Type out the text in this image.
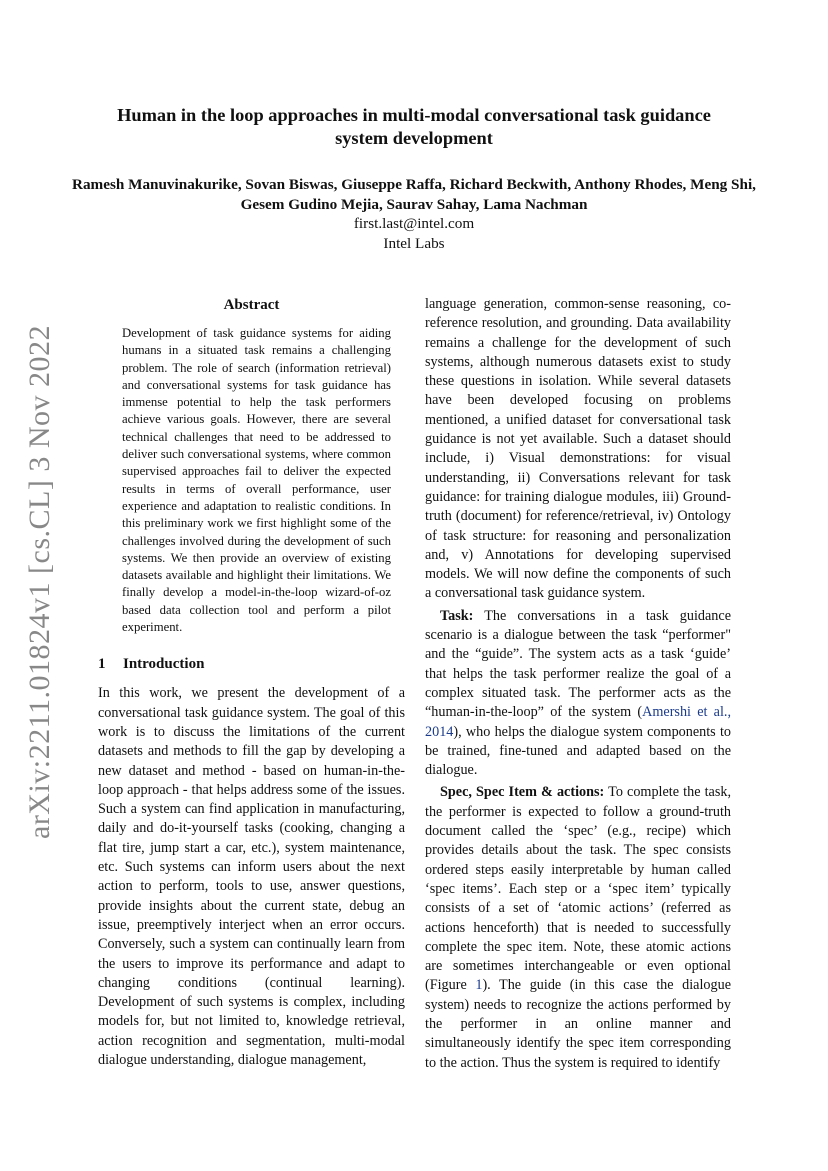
Human in the loop approaches in multi-modal conversational task guidance system development
Ramesh Manuvinakurike, Sovan Biswas, Giuseppe Raffa, Richard Beckwith, Anthony Rhodes, Meng Shi, Gesem Gudino Mejia, Saurav Sahay, Lama Nachman
first.last@intel.com
Intel Labs
arXiv:2211.01824v1 [cs.CL] 3 Nov 2022
Abstract

Development of task guidance systems for aiding humans in a situated task remains a challenging problem. The role of search (information retrieval) and conversational systems for task guidance has immense potential to help the task performers achieve various goals. However, there are several technical challenges that need to be addressed to deliver such conversational systems, where common supervised approaches fail to deliver the expected results in terms of overall performance, user experience and adaptation to realistic conditions. In this preliminary work we first highlight some of the challenges involved during the development of such systems. We then provide an overview of existing datasets available and highlight their limitations. We finally develop a model-in-the-loop wizard-of-oz based data collection tool and perform a pilot experiment.

1 Introduction

In this work, we present the development of a conversational task guidance system. The goal of this work is to discuss the limitations of the current datasets and methods to fill the gap by developing a new dataset and method - based on human-in-the-loop approach - that helps address some of the issues. Such a system can find application in manufacturing, daily and do-it-yourself tasks (cooking, changing a flat tire, jump start a car, etc.), system maintenance, etc. Such systems can inform users about the next action to perform, tools to use, answer questions, provide insights about the current state, debug an issue, preemptively interject when an error occurs. Conversely, such a system can continually learn from the users to improve its performance and adapt to changing conditions (continual learning). Development of such systems is complex, including models for, but not limited to, knowledge retrieval, action recognition and segmentation, multi-modal dialogue understanding, dialogue management,

language generation, common-sense reasoning, co-reference resolution, and grounding. Data availability remains a challenge for the development of such systems, although numerous datasets exist to study these questions in isolation. While several datasets have been developed focusing on problems mentioned, a unified dataset for conversational task guidance is not yet available. Such a dataset should include, i) Visual demonstrations: for visual understanding, ii) Conversations relevant for task guidance: for training dialogue modules, iii) Ground-truth (document) for reference/retrieval, iv) Ontology of task structure: for reasoning and personalization and, v) Annotations for developing supervised models. We will now define the components of such a conversational task guidance system.

Task: The conversations in a task guidance scenario is a dialogue between the task “performer" and the “guide”. The system acts as a task ‘guide’ that helps the task performer realize the goal of a complex situated task. The performer acts as the “human-in-the-loop” of the system (Amershi et al., 2014), who helps the dialogue system components to be trained, fine-tuned and adapted based on the dialogue.

Spec, Spec Item & actions: To complete the task, the performer is expected to follow a ground-truth document called the ‘spec’ (e.g., recipe) which provides details about the task. The spec consists ordered steps easily interpretable by human called ‘spec items’. Each step or a ‘spec item’ typically consists of a set of ‘atomic actions’ (referred as actions henceforth) that is needed to successfully complete the spec item. Note, these atomic actions are sometimes interchangeable or even optional (Figure 1). The guide (in this case the dialogue system) needs to recognize the actions performed by the performer in an online manner and simultaneously identify the spec item corresponding to the action. Thus the system is required to identify
